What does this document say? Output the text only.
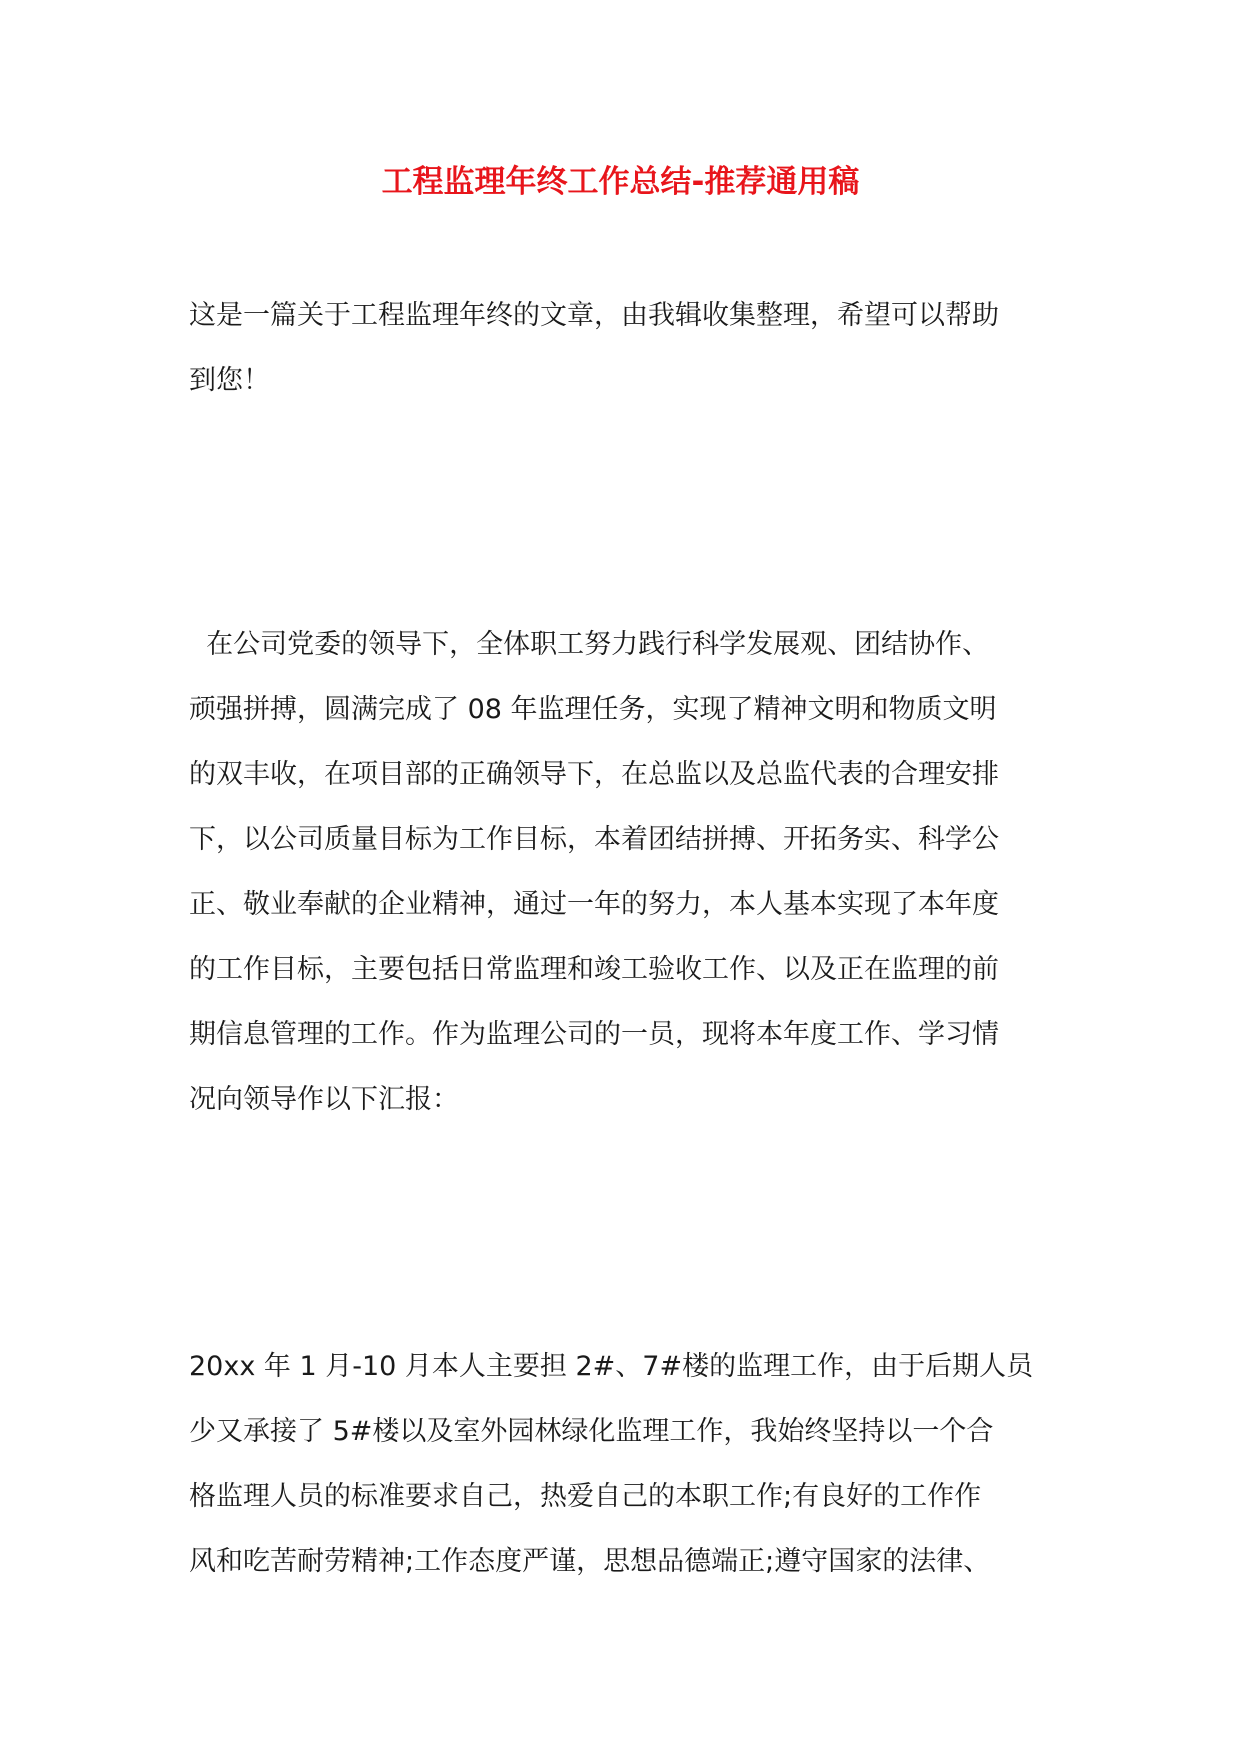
工程监理年终工作总结-推荐通用稿
这是一篇关于工程监理年终的文章，由我辑收集整理，希望可以帮助
到您！
在公司党委的领导下，全体职工努力践行科学发展观、团结协作、
顽强拼搏，圆满完成了 08 年监理任务，实现了精神文明和物质文明
的双丰收，在项目部的正确领导下，在总监以及总监代表的合理安排
下，以公司质量目标为工作目标，本着团结拼搏、开拓务实、科学公
正、敬业奉献的企业精神，通过一年的努力，本人基本实现了本年度
的工作目标，主要包括日常监理和竣工验收工作、以及正在监理的前
期信息管理的工作。作为监理公司的一员，现将本年度工作、学习情
况向领导作以下汇报：
20xx 年 1 月-10 月本人主要担 2#、7#楼的监理工作，由于后期人员
少又承接了 5#楼以及室外园林绿化监理工作，我始终坚持以一个合
格监理人员的标准要求自己，热爱自己的本职工作;有良好的工作作
风和吃苦耐劳精神;工作态度严谨，思想品德端正;遵守国家的法律、
